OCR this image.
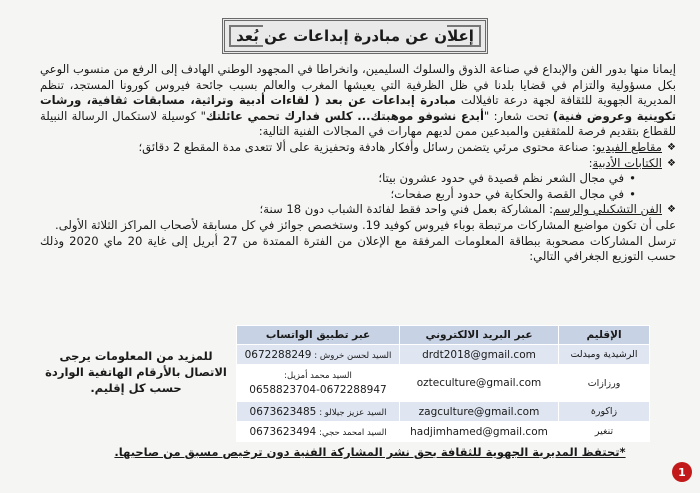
إعلان عن مبادرة إبداعات عن بُعد

إيمانا منها بدور الفن والإبداع في صناعة الذوق والسلوك السليمين، وانخراطا في المجهود الوطني الهادف إلى الرفع من منسوب الوعي بكل مسؤولية والتزام في قضايا بلدنا في ظل الظرفية التي يعيشها المغرب والعالم بسبب جائحة فيروس كورونا المستجد، تنظم المديرية الجهوية للثقافة لجهة درعة تافيلالت مبادرة إبداعات عن بعد ( لقاءات أدبية وتراثية، مسابقات ثقافية، ورشات تكوينية وعروض فنية) تحت شعار: "أبدع نشوفو موهبتك... كلس فدارك تحمي عائلتك" كوسيلة لاستكمال الرسالة النبيلة للقطاع بتقديم فرصة للمثقفين والمبدعين ممن لديهم مهارات في المجالات الفنية التالية:

❖
مقاطع الفيديو: صناعة محتوى مرئي يتضمن رسائل وأفكار هادفة وتحفيزية على ألا تتعدى مدة المقطع 2 دقائق؛
❖
الكتابات الأدبية:
•
في مجال الشعر نظم قصيدة في حدود عشرون بيتا؛
•
في مجال القصة والحكاية في حدود أربع صفحات؛
❖
الفن التشكيلي والرسم: المشاركة بعمل فني واحد فقط لفائدة الشباب دون 18 سنة؛

على أن تكون مواضيع المشاركات مرتبطة بوباء فيروس كوفيد 19. وستخصص جوائز في كل مسابقة لأصحاب المراكز الثلاثة الأولى.

ترسل المشاركات مصحوبة ببطاقة المعلومات المرفقة مع الإعلان من الفترة الممتدة من 27 أبريل إلى غاية 20 ماي 2020 وذلك حسب التوزيع الجغرافي التالي:

الإقليم	عبر البريد الالكتروني	عبر تطبيق الواتساب
الرشيدية وميدلت	drdt2018@gmail.com	السيد لحسن خروش : 0672288249
ورزازات	ozteculture@gmail.com	السيد محمد أمزيل:
0658823704-0672288947
زاكورة	zagculture@gmail.com	السيد عزيز جيلالو : 0673623485
تنغير	hadjimhamed@gmail.com	السيد امحمد حجي: 0673623494
للمزيد من المعلومات يرجى الاتصال بالأرقام الهاتفية الواردة حسب كل إقليم.
*تحتفظ المديرية الجهوية للثقافة بحق نشر المشاركة الفنية دون ترخيص مسبق من صاحبها.
1
